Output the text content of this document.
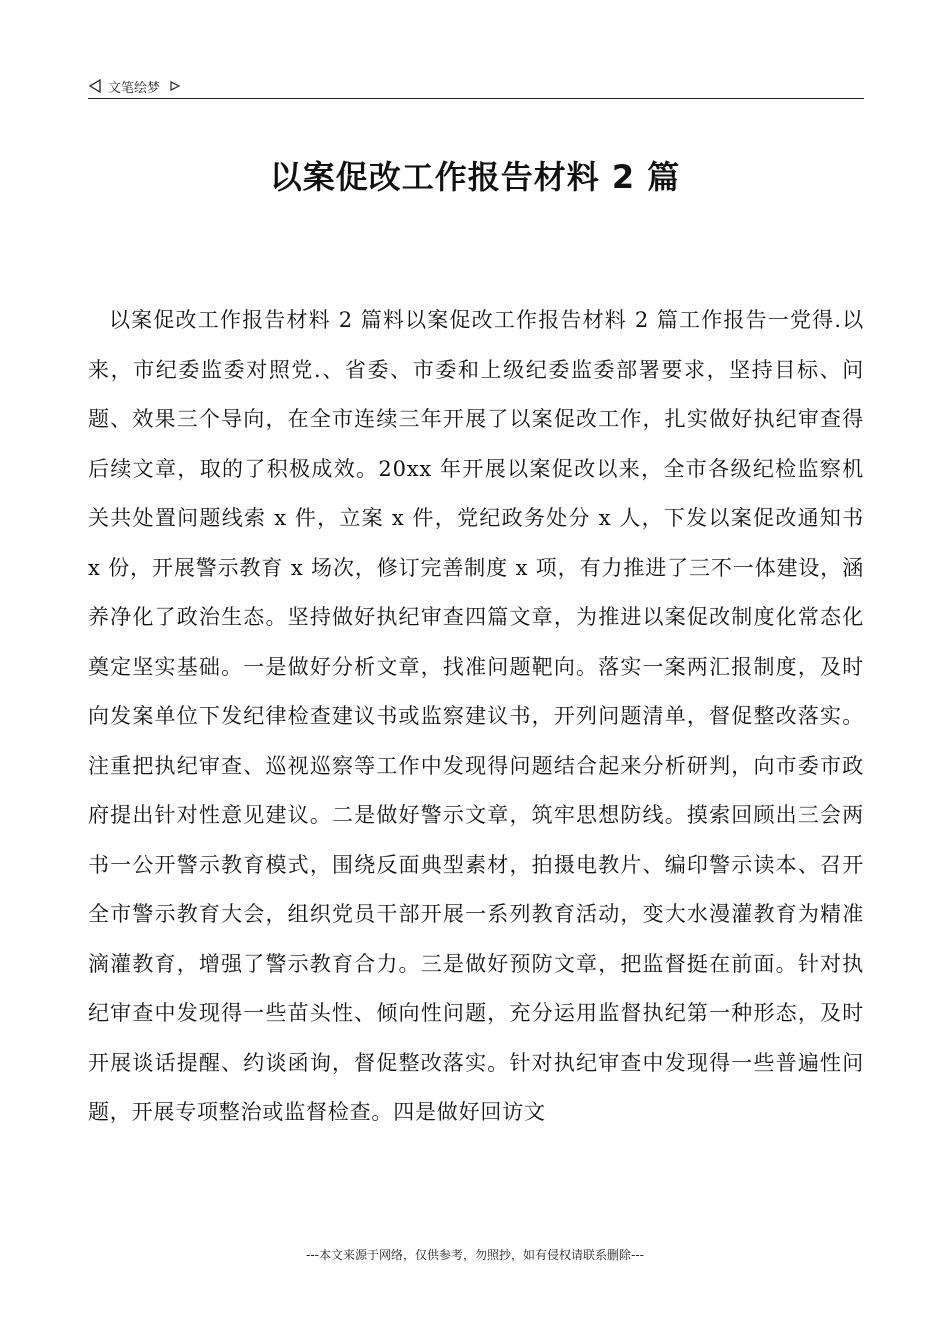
文笔绘梦
以案促改工作报告材料 2 篇

以案促改工作报告材料 2 篇料以案促改工作报告材料 2 篇工作报告一党得.以来，市纪委监委对照党.、省委、市委和上级纪委监委部署要求，坚持目标、问题、效果三个导向，在全市连续三年开展了以案促改工作，扎实做好执纪审查得后续文章，取的了积极成效。20xx 年开展以案促改以来，全市各级纪检监察机关共处置问题线索 x 件，立案 x 件，党纪政务处分 x 人，下发以案促改通知书 x 份，开展警示教育 x 场次，修订完善制度 x 项，有力推进了三不一体建设，涵养净化了政治生态。坚持做好执纪审查四篇文章，为推进以案促改制度化常态化奠定坚实基础。一是做好分析文章，找准问题靶向。落实一案两汇报制度，及时向发案单位下发纪律检查建议书或监察建议书，开列问题清单，督促整改落实。注重把执纪审查、巡视巡察等工作中发现得问题结合起来分析研判，向市委市政府提出针对性意见建议。二是做好警示文章，筑牢思想防线。摸索回顾出三会两书一公开警示教育模式，围绕反面典型素材，拍摄电教片、编印警示读本、召开全市警示教育大会，组织党员干部开展一系列教育活动，变大水漫灌教育为精准滴灌教育，增强了警示教育合力。三是做好预防文章，把监督挺在前面。针对执纪审查中发现得一些苗头性、倾向性问题，充分运用监督执纪第一种形态，及时开展谈话提醒、约谈函询，督促整改落实。针对执纪审查中发现得一些普遍性问题，开展专项整治或监督检查。四是做好回访文

---本文来源于网络，仅供参考，勿照抄，如有侵权请联系删除---
